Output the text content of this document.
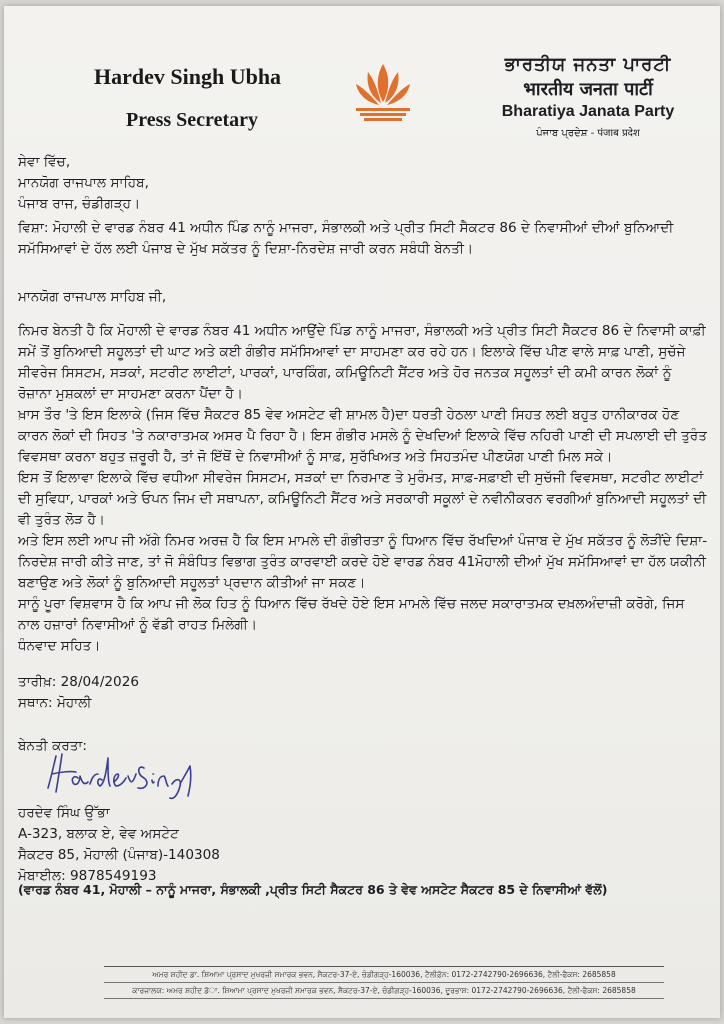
Hardev Singh Ubha
Press Secretary
ਭਾਰਤੀਯ ਜਨਤਾ ਪਾਰਟੀ
भारतीय जनता पार्टी
Bharatiya Janata Party
ਪੰਜਾਬ ਪ੍ਰਦੇਸ਼ - पंजाब प्रदेश
ਸੇਵਾ ਵਿੱਚ,
ਮਾਨਯੋਗ ਰਾਜਪਾਲ ਸਾਹਿਬ,
ਪੰਜਾਬ ਰਾਜ, ਚੰਡੀਗੜ੍ਹ।
ਵਿਸ਼ਾ: ਮੋਹਾਲੀ ਦੇ ਵਾਰਡ ਨੰਬਰ 41 ਅਧੀਨ ਪਿੰਡ ਨਾਨੂੰ ਮਾਜਰਾ, ਸੰਭਾਲਕੀ ਅਤੇ ਪ੍ਰੀਤ ਸਿਟੀ ਸੈਕਟਰ 86 ਦੇ ਨਿਵਾਸੀਆਂ ਦੀਆਂ ਬੁਨਿਆਦੀ
ਸਮੱਸਿਆਵਾਂ ਦੇ ਹੱਲ ਲਈ ਪੰਜਾਬ ਦੇ ਮੁੱਖ ਸਕੱਤਰ ਨੂੰ ਦਿਸ਼ਾ-ਨਿਰਦੇਸ਼ ਜਾਰੀ ਕਰਨ ਸਬੰਧੀ ਬੇਨਤੀ।
ਮਾਨਯੋਗ ਰਾਜਪਾਲ ਸਾਹਿਬ ਜੀ,

ਨਿਮਰ ਬੇਨਤੀ ਹੈ ਕਿ ਮੋਹਾਲੀ ਦੇ ਵਾਰਡ ਨੰਬਰ 41 ਅਧੀਨ ਆਉਂਦੇ ਪਿੰਡ ਨਾਨੂੰ ਮਾਜਰਾ, ਸੰਭਾਲਕੀ ਅਤੇ ਪ੍ਰੀਤ ਸਿਟੀ ਸੈਕਟਰ 86 ਦੇ ਨਿਵਾਸੀ ਕਾਫ਼ੀ ਸਮੇਂ ਤੋਂ ਬੁਨਿਆਦੀ ਸਹੂਲਤਾਂ ਦੀ ਘਾਟ ਅਤੇ ਕਈ ਗੰਭੀਰ ਸਮੱਸਿਆਵਾਂ ਦਾ ਸਾਹਮਣਾ ਕਰ ਰਹੇ ਹਨ। ਇਲਾਕੇ ਵਿੱਚ ਪੀਣ ਵਾਲੇ ਸਾਫ਼ ਪਾਣੀ, ਸੁਚੱਜੇ ਸੀਵਰੇਜ ਸਿਸਟਮ, ਸੜਕਾਂ, ਸਟਰੀਟ ਲਾਈਟਾਂ, ਪਾਰਕਾਂ, ਪਾਰਕਿੰਗ, ਕਮਿਊਨਿਟੀ ਸੈਂਟਰ ਅਤੇ ਹੋਰ ਜਨਤਕ ਸਹੂਲਤਾਂ ਦੀ ਕਮੀ ਕਾਰਨ ਲੋਕਾਂ ਨੂੰ ਰੋਜ਼ਾਨਾ ਮੁਸ਼ਕਲਾਂ ਦਾ ਸਾਹਮਣਾ ਕਰਨਾ ਪੈਂਦਾ ਹੈ।

ਖ਼ਾਸ ਤੌਰ 'ਤੇ ਇਸ ਇਲਾਕੇ (ਜਿਸ ਵਿੱਚ ਸੈਕਟਰ 85 ਵੇਵ ਅਸਟੇਟ ਵੀ ਸ਼ਾਮਲ ਹੈ)ਦਾ ਧਰਤੀ ਹੇਠਲਾ ਪਾਣੀ ਸਿਹਤ ਲਈ ਬਹੁਤ ਹਾਨੀਕਾਰਕ ਹੋਣ ਕਾਰਨ ਲੋਕਾਂ ਦੀ ਸਿਹਤ 'ਤੇ ਨਕਾਰਾਤਮਕ ਅਸਰ ਪੈ ਰਿਹਾ ਹੈ। ਇਸ ਗੰਭੀਰ ਮਸਲੇ ਨੂੰ ਦੇਖਦਿਆਂ ਇਲਾਕੇ ਵਿੱਚ ਨਹਿਰੀ ਪਾਣੀ ਦੀ ਸਪਲਾਈ ਦੀ ਤੁਰੰਤ ਵਿਵਸਥਾ ਕਰਨਾ ਬਹੁਤ ਜ਼ਰੂਰੀ ਹੈ, ਤਾਂ ਜੋ ਇੱਥੋਂ ਦੇ ਨਿਵਾਸੀਆਂ ਨੂੰ ਸਾਫ਼, ਸੁਰੱਖਿਅਤ ਅਤੇ ਸਿਹਤਮੰਦ ਪੀਣਯੋਗ ਪਾਣੀ ਮਿਲ ਸਕੇ।

ਇਸ ਤੋਂ ਇਲਾਵਾ ਇਲਾਕੇ ਵਿੱਚ ਵਧੀਆ ਸੀਵਰੇਜ ਸਿਸਟਮ, ਸੜਕਾਂ ਦਾ ਨਿਰਮਾਣ ਤੇ ਮੁਰੰਮਤ, ਸਾਫ਼-ਸਫ਼ਾਈ ਦੀ ਸੁਚੱਜੀ ਵਿਵਸਥਾ, ਸਟਰੀਟ ਲਾਈਟਾਂ ਦੀ ਸੁਵਿਧਾ, ਪਾਰਕਾਂ ਅਤੇ ਓਪਨ ਜਿਮ ਦੀ ਸਥਾਪਨਾ, ਕਮਿਊਨਿਟੀ ਸੈਂਟਰ ਅਤੇ ਸਰਕਾਰੀ ਸਕੂਲਾਂ ਦੇ ਨਵੀਨੀਕਰਨ ਵਰਗੀਆਂ ਬੁਨਿਆਦੀ ਸਹੂਲਤਾਂ ਦੀ ਵੀ ਤੁਰੰਤ ਲੋੜ ਹੈ।

ਅਤੇ ਇਸ ਲਈ ਆਪ ਜੀ ਅੱਗੇ ਨਿਮਰ ਅਰਜ਼ ਹੈ ਕਿ ਇਸ ਮਾਮਲੇ ਦੀ ਗੰਭੀਰਤਾ ਨੂੰ ਧਿਆਨ ਵਿੱਚ ਰੱਖਦਿਆਂ ਪੰਜਾਬ ਦੇ ਮੁੱਖ ਸਕੱਤਰ ਨੂੰ ਲੋੜੀਂਦੇ ਦਿਸ਼ਾ-ਨਿਰਦੇਸ਼ ਜਾਰੀ ਕੀਤੇ ਜਾਣ, ਤਾਂ ਜੋ ਸੰਬੰਧਿਤ ਵਿਭਾਗ ਤੁਰੰਤ ਕਾਰਵਾਈ ਕਰਦੇ ਹੋਏ ਵਾਰਡ ਨੰਬਰ 41ਮੋਹਾਲੀ ਦੀਆਂ ਮੁੱਖ ਸਮੱਸਿਆਵਾਂ ਦਾ ਹੱਲ ਯਕੀਨੀ ਬਣਾਉਣ ਅਤੇ ਲੋਕਾਂ ਨੂੰ ਬੁਨਿਆਦੀ ਸਹੂਲਤਾਂ ਪ੍ਰਦਾਨ ਕੀਤੀਆਂ ਜਾ ਸਕਣ।

ਸਾਨੂੰ ਪੂਰਾ ਵਿਸ਼ਵਾਸ ਹੈ ਕਿ ਆਪ ਜੀ ਲੋਕ ਹਿਤ ਨੂੰ ਧਿਆਨ ਵਿੱਚ ਰੱਖਦੇ ਹੋਏ ਇਸ ਮਾਮਲੇ ਵਿੱਚ ਜਲਦ ਸਕਾਰਾਤਮਕ ਦਖ਼ਲਅੰਦਾਜ਼ੀ ਕਰੋਗੇ, ਜਿਸ ਨਾਲ ਹਜ਼ਾਰਾਂ ਨਿਵਾਸੀਆਂ ਨੂੰ ਵੱਡੀ ਰਾਹਤ ਮਿਲੇਗੀ।

ਧੰਨਵਾਦ ਸਹਿਤ।

ਤਾਰੀਖ਼: 28/04/2026
ਸਥਾਨ: ਮੋਹਾਲੀ
ਬੇਨਤੀ ਕਰਤਾ:
ਹਰਦੇਵ ਸਿੰਘ ਉੱਭਾ
A-323, ਬਲਾਕ ਏ, ਵੇਵ ਅਸਟੇਟ
ਸੈਕਟਰ 85, ਮੋਹਾਲੀ (ਪੰਜਾਬ)-140308
ਮੋਬਾਈਲ: 9878549193
(ਵਾਰਡ ਨੰਬਰ 41, ਮੋਹਾਲੀ – ਨਾਨੂੰ ਮਾਜਰਾ, ਸੰਭਾਲਕੀ ,ਪ੍ਰੀਤ ਸਿਟੀ ਸੈਕਟਰ 86 ਤੇ ਵੇਵ ਅਸਟੇਟ ਸੈਕਟਰ 85 ਦੇ ਨਿਵਾਸੀਆਂ ਵੱਲੋਂ)
ਅਮਰ ਸ਼ਹੀਦ ਡਾ. ਸ਼ਿਆਮਾ ਪ੍ਰਸਾਦ ਮੁਖਰਜੀ ਸਮਾਰਕ ਭਵਨ, ਸੈਕਟਰ-37-ਏ, ਚੰਡੀਗੜ੍ਹ-160036, ਟੈਲੀਫ਼ੋਨ: 0172-2742790-2696636, ਟੈਲੀ-ਫੈਕਸ: 2685858
ਕਾਰਜਾਲਯ: ਅਮਰ ਸ਼ਹੀਦ ਡੱਾ. ਸ਼ਿਆਮਾ ਪ੍ਰਸਾਦ ਮੁਖਰਜੀ ਸਮਾਰਕ ਭਵਨ, ਸੈਕਟਰ-37-ਏ, ਚੰਡੀਗੜ੍ਹ-160036, ਦੂਰਭਾਸ਼: 0172-2742790-2696636, ਟੈਲੀ-ਫੈਕਸ: 2685858
